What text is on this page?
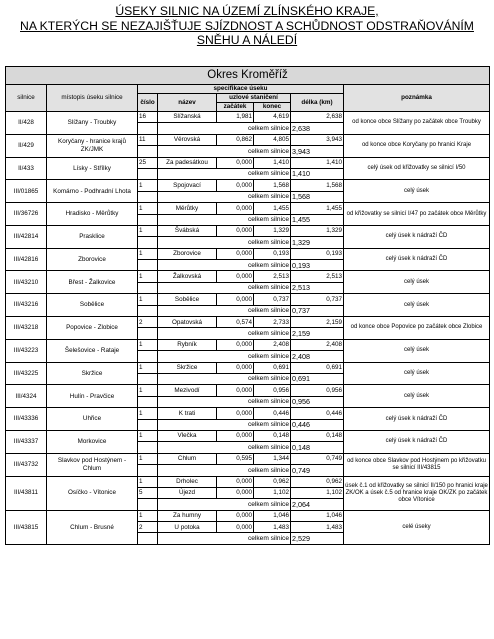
ÚSEKY SILNIC NA ÚZEMÍ ZLÍNSKÉHO KRAJE,
NA KTERÝCH SE NEZAJIŠŤUJE SJÍZDNOST A SCHŮDNOST ODSTRAŇOVÁNÍM
SNĚHU A NÁLEDÍ
Okres Kroměříž							
silnice	místopis úseku silnice	specifikace úseku					poznámka
		číslo	název	uzlové staničení		délka (km)	
				začátek	konec		
II/428	Slížany - Troubky	16	Slížanská	1,981	4,619	2,638	od konce obce Slížany po začátek obce Troubky
			celkem silnice			2,638	
II/429	Koryčany - hranice krajů ZK/JMK	11	Věrovská	0,862	4,805	3,943	od konce obce Koryčany po hranici Kraje
			celkem silnice			3,943	
II/433	Lísky - Střílky	25	Za padesátkou	0,000	1,410	1,410	celý úsek od křižovatky se silnicí I/50
			celkem silnice			1,410	
III/01865	Komárno - Podhradní Lhota	1	Spojovací	0,000	1,568	1,568	celý úsek
			celkem silnice			1,568	
III/36726	Hradisko - Měrůtky	1	Měrůtky	0,000	1,455	1,455	od křižovatky se silnicí I/47 po začátek obce Měrůtky
			celkem silnice			1,455	
III/42814	Prasklice	1	Švábská	0,000	1,329	1,329	celý úsek k nádraží ČD
			celkem silnice			1,329	
III/42816	Zborovice	1	Zborovice	0,000	0,193	0,193	celý úsek k nádraží ČD
			celkem silnice			0,193	
III/43210	Břest - Žalkovice	1	Žalkovská	0,000	2,513	2,513	celý úsek
			celkem silnice			2,513	
III/43216	Sobělice	1	Sobělice	0,000	0,737	0,737	celý úsek
			celkem silnice			0,737	
III/43218	Popovice - Zlobice	2	Opatovská	0,574	2,733	2,159	od konce obce Popovice po začátek obce Zlobice
			celkem silnice			2,159	
III/43223	Šelešovice - Rataje	1	Rybník	0,000	2,408	2,408	celý úsek
			celkem silnice			2,408	
III/43225	Skržice	1	Skržice	0,000	0,691	0,691	celý úsek
			celkem silnice			0,691	
III/4324	Hulín - Pravčice	1	Mezivodí	0,000	0,956	0,956	celý úsek
			celkem silnice			0,956	
III/43336	Uhřice	1	K trati	0,000	0,446	0,446	celý úsek k nádraží ČD
			celkem silnice			0,446	
III/43337	Morkovice	1	Vlečka	0,000	0,148	0,148	celý úsek k nádraží ČD
			celkem silnice			0,148	
III/43732	Slavkov pod Hostýnem - Chlum	1	Chlum	0,595	1,344	0,749	od konce obce Slavkov pod Hostýnem po křižovatku se silnicí III/43815
			celkem silnice			0,749	
III/43811	Osíčko - Vítonice	1	Drholec	0,000	0,962	0,962	úsek č.1 od křižovatky se silnicí II/150 po hranici kraje ZK/OK a úsek č.5 od hranice kraje OK/ZK po začátek obce Vítonice
		5	Újezd	0,000	1,102	1,102	
			celkem silnice			2,064	
III/43815	Chlum - Brusné	1	Za humny	0,000	1,046	1,046	celé úseky
		2	U potoka	0,000	1,483	1,483	
			celkem silnice			2,529	
